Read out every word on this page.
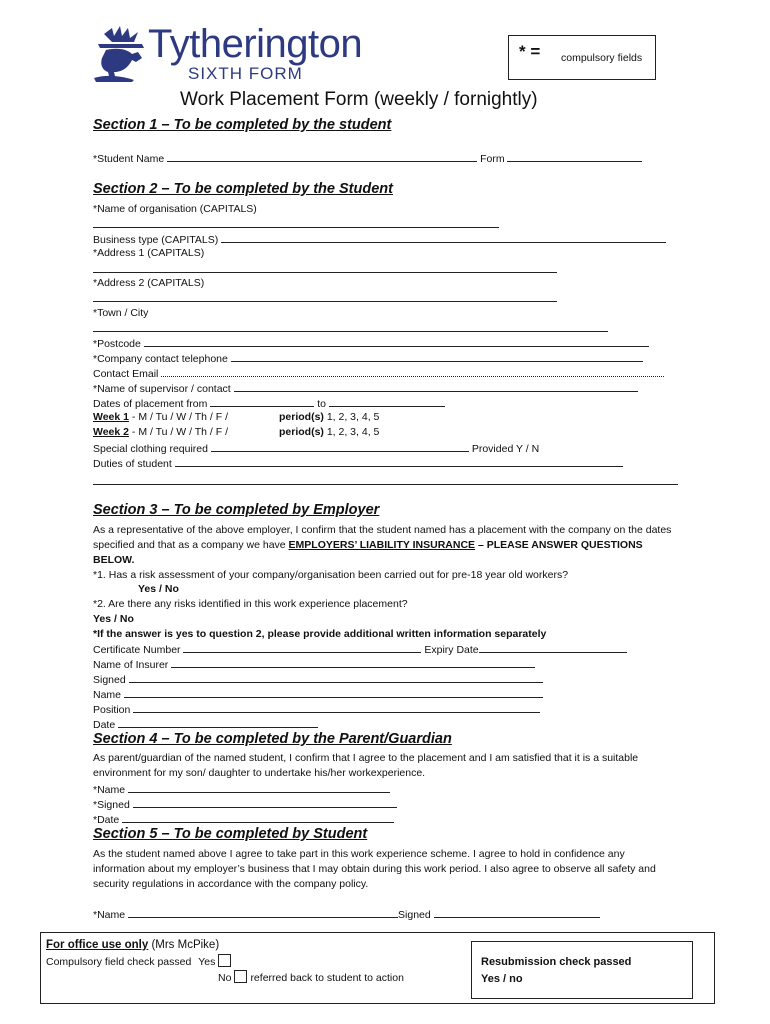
Tytherington
SIXTH FORM
* = compulsory fields
Work Placement Form (weekly / fornightly)
Section 1 – To be completed by the student
*Student Name	Form
Section 2 – To be completed by the Student
*Name of organisation (CAPITALS)
Business type (CAPITALS)
*Address 1 (CAPITALS)
*Address 2 (CAPITALS)
*Town / City
*Postcode
*Company contact telephone
Contact Email
*Name of supervisor / contact
Dates of placement from	to
Week 1 - M / Tu / W / Th / F /	period(s) 1, 2, 3, 4, 5
Week 2 - M / Tu / W / Th / F /	period(s) 1, 2, 3, 4, 5
Special clothing required	Provided Y / N
Duties of student
Section 3 – To be completed by Employer
As a representative of the above employer, I confirm that the student named has a placement with the company on the dates specified and that as a company we have EMPLOYERS’ LIABILITY INSURANCE – PLEASE ANSWER QUESTIONS BELOW.
*1. Has a risk assessment of your company/organisation been carried out for pre-18 year old workers?
Yes / No
*2. Are there any risks identified in this work experience placement?
Yes / No
*If the answer is yes to question 2, please provide additional written information separately
Certificate Number	Expiry Date
Name of Insurer
Signed
Name
Position
Date
Section 4 – To be completed by the Parent/Guardian
As parent/guardian of the named student, I confirm that I agree to the placement and I am satisfied that it is a suitable environment for my son/ daughter to undertake his/her workexperience.
*Name
*Signed
*Date
Section 5 – To be completed by Student
As the student named above I agree to take part in this work experience scheme. I agree to hold in confidence any information about my employer’s business that I may obtain during this work period. I also agree to observe all safety and security regulations in accordance with the company policy.
*Name	Signed
For office use only (Mrs McPike)
Compulsory field check passed Yes
No referred back to student to action
Resubmission check passed
Yes / no
